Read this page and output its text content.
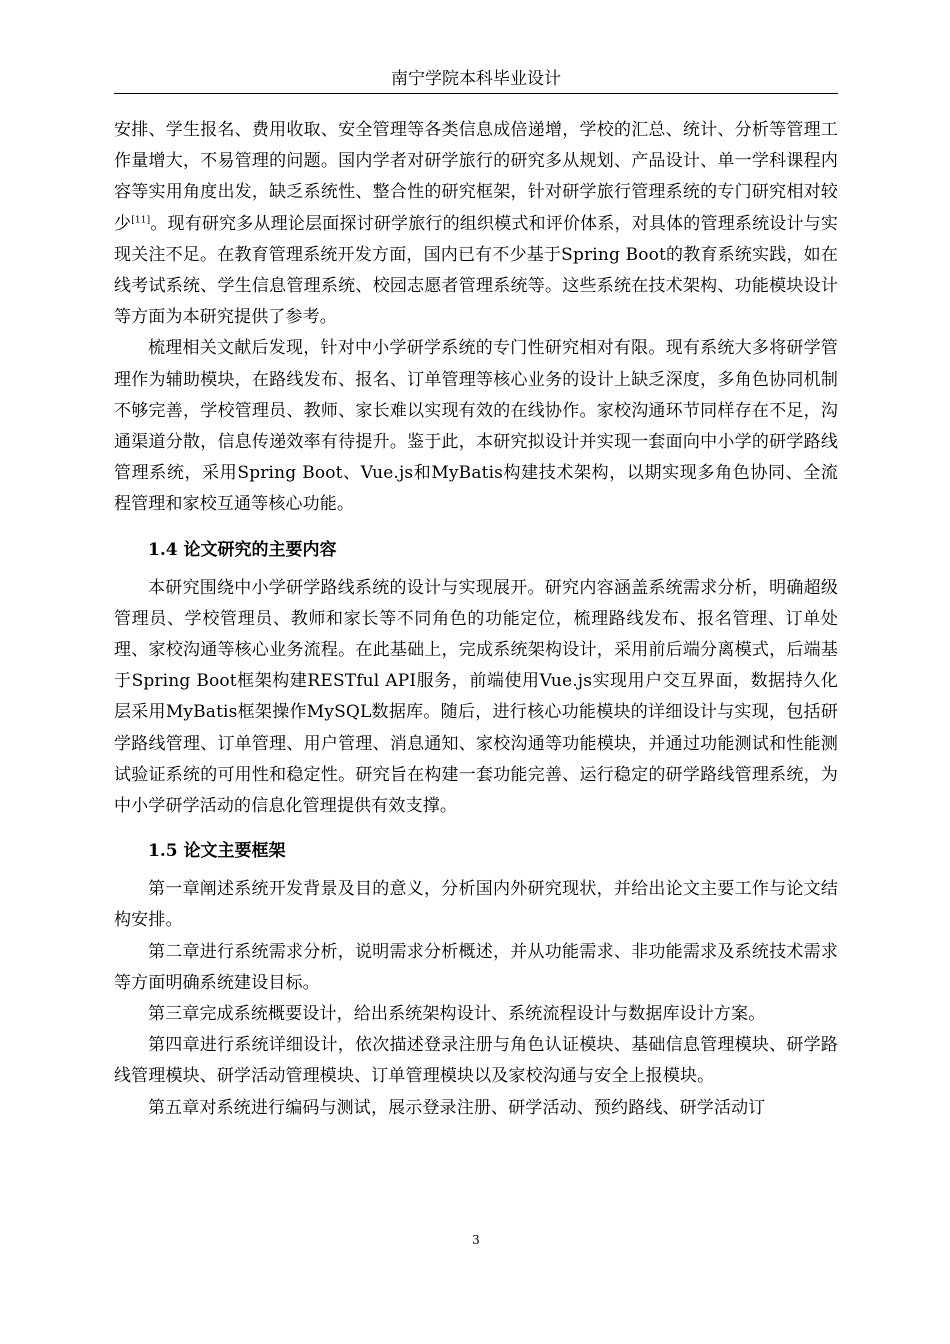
南宁学院本科毕业设计

安排、学生报名、费用收取、安全管理等各类信息成倍递增，学校的汇总、统计、分析等管理工作量增大，不易管理的问题。国内学者对研学旅行的研究多从规划、产品设计、单一学科课程内容等实用角度出发，缺乏系统性、整合性的研究框架，针对研学旅行管理系统的专门研究相对较少[11]。现有研究多从理论层面探讨研学旅行的组织模式和评价体系，对具体的管理系统设计与实现关注不足。在教育管理系统开发方面，国内已有不少基于Spring Boot的教育系统实践，如在线考试系统、学生信息管理系统、校园志愿者管理系统等。这些系统在技术架构、功能模块设计等方面为本研究提供了参考。

梳理相关文献后发现，针对中小学研学系统的专门性研究相对有限。现有系统大多将研学管理作为辅助模块，在路线发布、报名、订单管理等核心业务的设计上缺乏深度，多角色协同机制不够完善，学校管理员、教师、家长难以实现有效的在线协作。家校沟通环节同样存在不足，沟通渠道分散，信息传递效率有待提升。鉴于此，本研究拟设计并实现一套面向中小学的研学路线管理系统，采用Spring Boot、Vue.js和MyBatis构建技术架构，以期实现多角色协同、全流程管理和家校互通等核心功能。

1.4 论文研究的主要内容

本研究围绕中小学研学路线系统的设计与实现展开。研究内容涵盖系统需求分析，明确超级管理员、学校管理员、教师和家长等不同角色的功能定位，梳理路线发布、报名管理、订单处理、家校沟通等核心业务流程。在此基础上，完成系统架构设计，采用前后端分离模式，后端基于Spring Boot框架构建RESTful API服务，前端使用Vue.js实现用户交互界面，数据持久化层采用MyBatis框架操作MySQL数据库。随后，进行核心功能模块的详细设计与实现，包括研学路线管理、订单管理、用户管理、消息通知、家校沟通等功能模块，并通过功能测试和性能测试验证系统的可用性和稳定性。研究旨在构建一套功能完善、运行稳定的研学路线管理系统，为中小学研学活动的信息化管理提供有效支撑。

1.5 论文主要框架

第一章阐述系统开发背景及目的意义，分析国内外研究现状，并给出论文主要工作与论文结构安排。

第二章进行系统需求分析，说明需求分析概述，并从功能需求、非功能需求及系统技术需求等方面明确系统建设目标。

第三章完成系统概要设计，给出系统架构设计、系统流程设计与数据库设计方案。

第四章进行系统详细设计，依次描述登录注册与角色认证模块、基础信息管理模块、研学路线管理模块、研学活动管理模块、订单管理模块以及家校沟通与安全上报模块。

第五章对系统进行编码与测试，展示登录注册、研学活动、预约路线、研学活动订

3
